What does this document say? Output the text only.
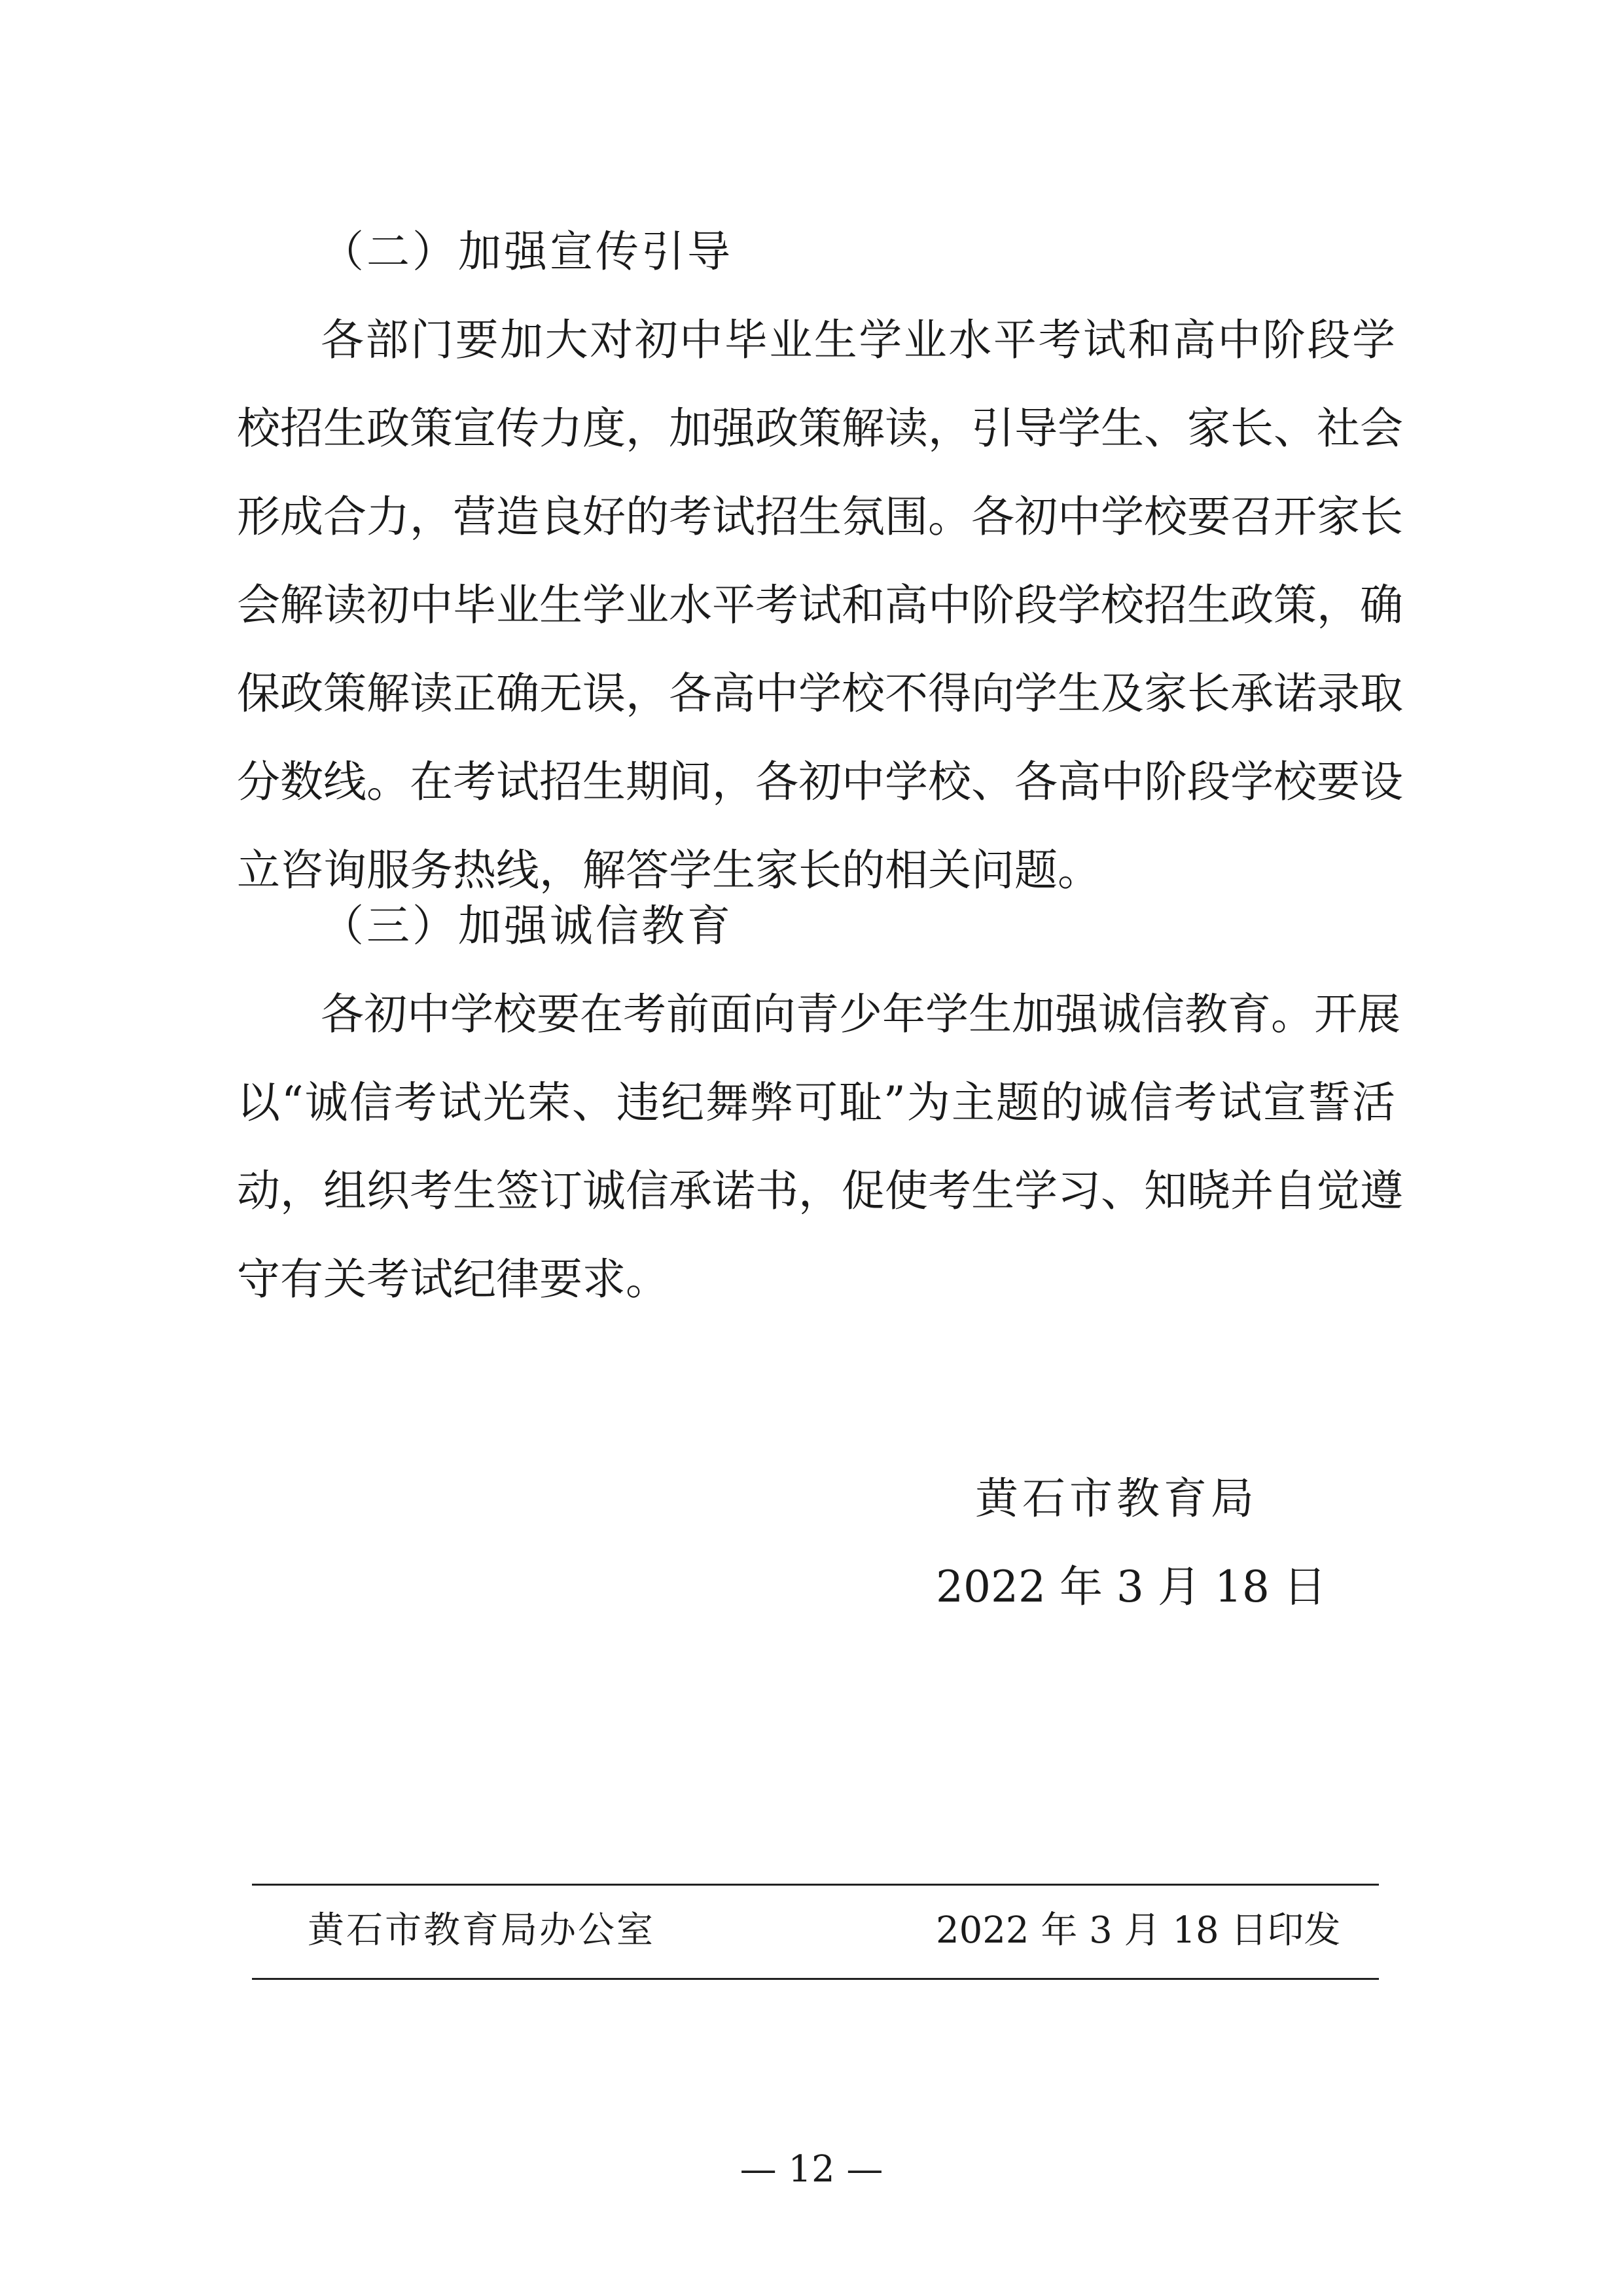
（二）加强宣传引导
各部门要加大对初中毕业生学业水平考试和高中阶段学
校招生政策宣传力度，加强政策解读，引导学生、家长、社会
形成合力，营造良好的考试招生氛围。各初中学校要召开家长
会解读初中毕业生学业水平考试和高中阶段学校招生政策，确
保政策解读正确无误，各高中学校不得向学生及家长承诺录取
分数线。在考试招生期间，各初中学校、各高中阶段学校要设
立咨询服务热线，解答学生家长的相关问题。
（三）加强诚信教育
各初中学校要在考前面向青少年学生加强诚信教育。开展
以“诚信考试光荣、违纪舞弊可耻”为主题的诚信考试宣誓活
动，组织考生签订诚信承诺书，促使考生学习、知晓并自觉遵
守有关考试纪律要求。
黄石市教育局
2022 年 3 月 18 日
黄石市教育局办公室	2022 年 3 月 18 日印发
— 12 —
